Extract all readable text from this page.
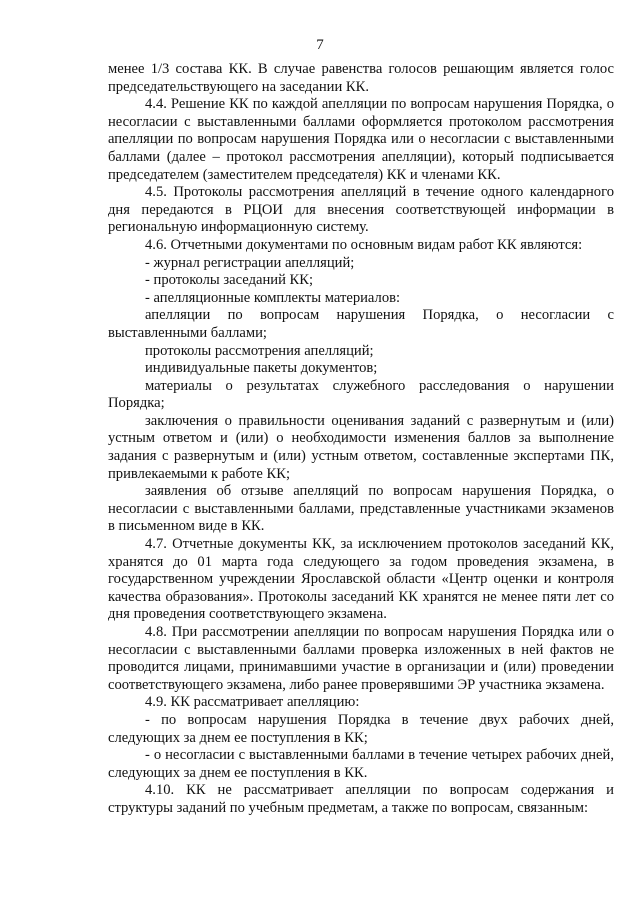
7

менее 1/3 состава КК. В случае равенства голосов решающим является голос председательствующего на заседании КК.

4.4. Решение КК по каждой апелляции по вопросам нарушения Порядка, о несогласии с выставленными баллами оформляется протоколом рассмотрения апелляции по вопросам нарушения Порядка или о несогласии с выставленными баллами (далее – протокол рассмотрения апелляции), который подписывается председателем (заместителем председателя) КК и членами КК.

4.5. Протоколы рассмотрения апелляций в течение одного календарного дня передаются в РЦОИ для внесения соответствующей информации в региональную информационную систему.

4.6. Отчетными документами по основным видам работ КК являются:

- журнал регистрации апелляций;

- протоколы заседаний КК;

- апелляционные комплекты материалов:

апелляции по вопросам нарушения Порядка, о несогласии с выставленными баллами;

протоколы рассмотрения апелляций;

индивидуальные пакеты документов;

материалы о результатах служебного расследования о нарушении Порядка;

заключения о правильности оценивания заданий с развернутым и (или) устным ответом и (или) о необходимости изменения баллов за выполнение задания с развернутым и (или) устным ответом, составленные экспертами ПК, привлекаемыми к работе КК;

заявления об отзыве апелляций по вопросам нарушения Порядка, о несогласии с выставленными баллами, представленные участниками экзаменов в письменном виде в КК.

4.7. Отчетные документы КК, за исключением протоколов заседаний КК, хранятся до 01 марта года следующего за годом проведения экзамена, в государственном учреждении Ярославской области «Центр оценки и контроля качества образования». Протоколы заседаний КК хранятся не менее пяти лет со дня проведения соответствующего экзамена.

4.8. При рассмотрении апелляции по вопросам нарушения Порядка или о несогласии с выставленными баллами проверка изложенных в ней фактов не проводится лицами, принимавшими участие в организации и (или) проведении соответствующего экзамена, либо ранее проверявшими ЭР участника экзамена.

4.9. КК рассматривает апелляцию:

- по вопросам нарушения Порядка в течение двух рабочих дней, следующих за днем ее поступления в КК;

- о несогласии с выставленными баллами в течение четырех рабочих дней, следующих за днем ее поступления в КК.

4.10. КК не рассматривает апелляции по вопросам содержания и структуры заданий по учебным предметам, а также по вопросам, связанным:
